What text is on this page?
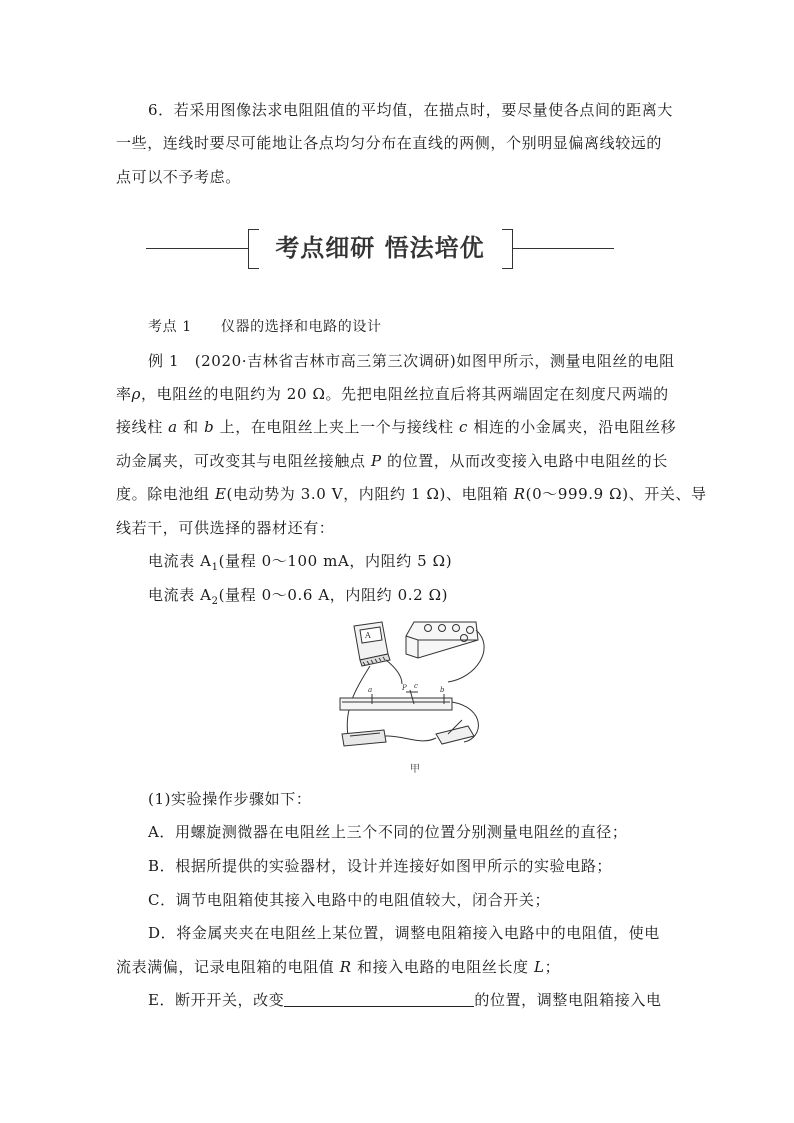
6．若采用图像法求电阻阻值的平均值，在描点时，要尽量使各点间的距离大
一些，连线时要尽可能地让各点均匀分布在直线的两侧，个别明显偏离线较远的
点可以不予考虑。
考点细研 悟法培优
考点 1　　仪器的选择和电路的设计
例 1　(2020·吉林省吉林市高三第三次调研)如图甲所示，测量电阻丝的电阻
率ρ，电阻丝的电阻约为 20 Ω。先把电阻丝拉直后将其两端固定在刻度尺两端的
接线柱 a 和 b 上，在电阻丝上夹上一个与接线柱 c 相连的小金属夹，沿电阻丝移
动金属夹，可改变其与电阻丝接触点 P 的位置，从而改变接入电路中电阻丝的长
度。除电池组 E(电动势为 3.0 V，内阻约 1 Ω)、电阻箱 R(0～999.9 Ω)、开关、导
线若干，可供选择的器材还有：
电流表 $A_1$(量程 0～100 mA，内阻约 5 Ω)
电流表 $A_2$(量程 0～0.6 A，内阻约 0.2 Ω)
A
a	P c	b
甲
(1)实验操作步骤如下：
A．用螺旋测微器在电阻丝上三个不同的位置分别测量电阻丝的直径；
B．根据所提供的实验器材，设计并连接好如图甲所示的实验电路；
C．调节电阻箱使其接入电路中的电阻值较大，闭合开关；
D．将金属夹夹在电阻丝上某位置，调整电阻箱接入电路中的电阻值，使电
流表满偏，记录电阻箱的电阻值 R 和接入电路的电阻丝长度 L；
E．断开开关，改变	的位置，调整电阻箱接入电
